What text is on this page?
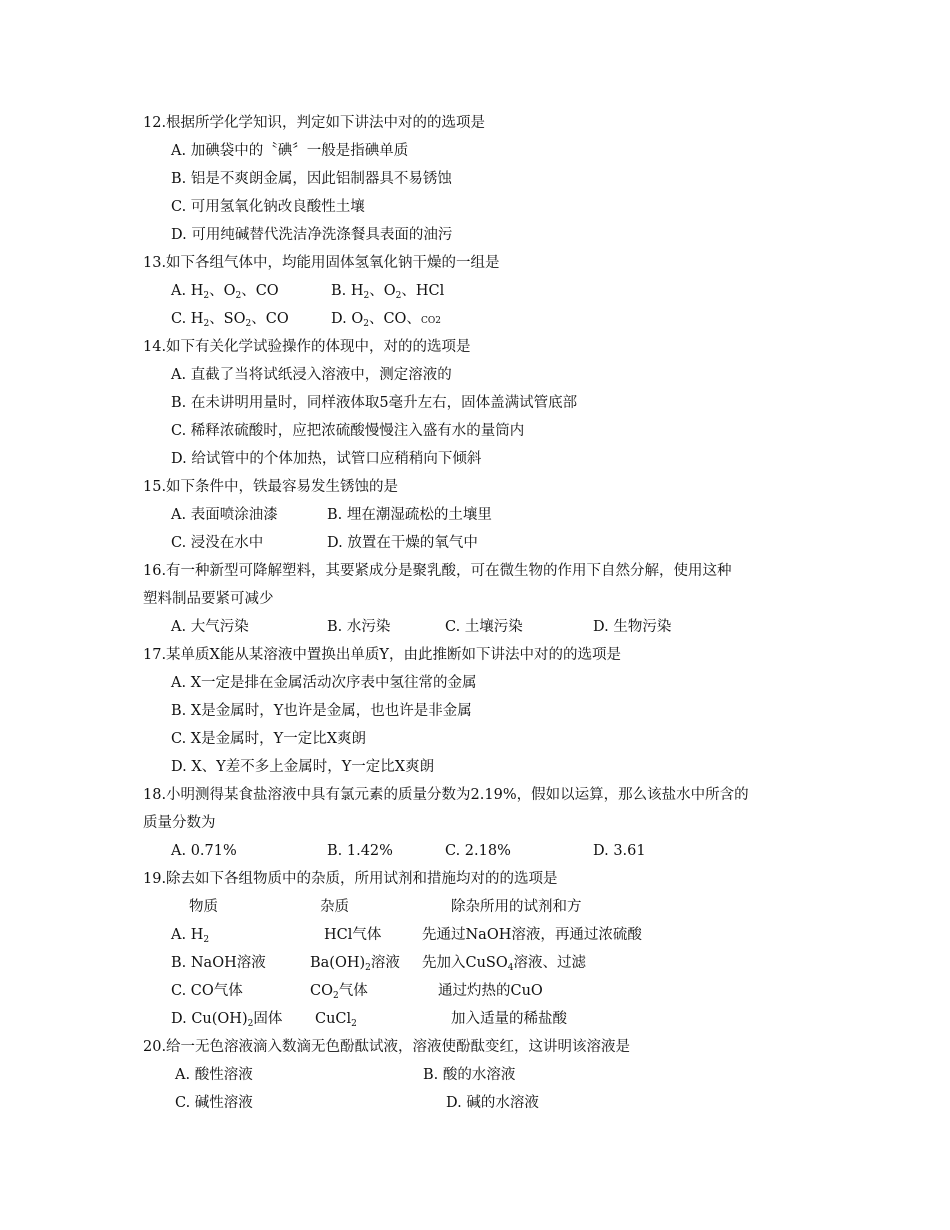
12.根据所学化学知识，判定如下讲法中对的的选项是
A. 加碘袋中的〝碘〞一般是指碘单质
B. 铝是不爽朗金属，因此铝制器具不易锈蚀
C. 可用氢氧化钠改良酸性土壤
D. 可用纯碱替代洗洁净洗涤餐具表面的油污
13.如下各组气体中，均能用固体氢氧化钠干燥的一组是
A. $H_2$、$O_2$、CO	B. $H_2$、$O_2$、HCl
C. $H_2$、$SO_2$、CO	D. $O_2$、CO、CO2
14.如下有关化学试验操作的体现中，对的的选项是
A. 直截了当将试纸浸入溶液中，测定溶液的
B. 在未讲明用量时，同样液体取5毫升左右，固体盖满试管底部
C. 稀释浓硫酸时，应把浓硫酸慢慢注入盛有水的量筒内
D. 给试管中的个体加热，试管口应稍稍向下倾斜
15.如下条件中，铁最容易发生锈蚀的是
A. 表面喷涂油漆	B. 埋在潮湿疏松的土壤里
C. 浸没在水中	D. 放置在干燥的氧气中
16.有一种新型可降解塑料，其要紧成分是聚乳酸，可在微生物的作用下自然分解，使用这种
塑料制品要紧可减少
A. 大气污染	B. 水污染	C. 土壤污染	D. 生物污染
17.某单质X能从某溶液中置换出单质Y，由此推断如下讲法中对的的选项是
A. X一定是排在金属活动次序表中氢往常的金属
B. X是金属时，Y也许是金属，也也许是非金属
C. X是金属时，Y一定比X爽朗
D. X、Y差不多上金属时，Y一定比X爽朗
18.小明测得某食盐溶液中具有氯元素的质量分数为2.19%，假如以运算，那么该盐水中所含的
质量分数为
A. 0.71%	B. 1.42%	C. 2.18%	D. 3.61
19.除去如下各组物质中的杂质，所用试剂和措施均对的的选项是
物质	杂质	除杂所用的试剂和方
A. $H_2$	HCl气体	先通过NaOH溶液，再通过浓硫酸
B. NaOH溶液	$Ba(OH)_2$溶液 先加入CuSO$_4$溶液、过滤
C. CO气体	$CO_2$气体	通过灼热的CuO
D. $Cu(OH)_2$固体 CuCl$_2$	加入适量的稀盐酸
20.给一无色溶液滴入数滴无色酚酞试液，溶液使酚酞变红，这讲明该溶液是
A. 酸性溶液	B. 酸的水溶液
C. 碱性溶液	D. 碱的水溶液
